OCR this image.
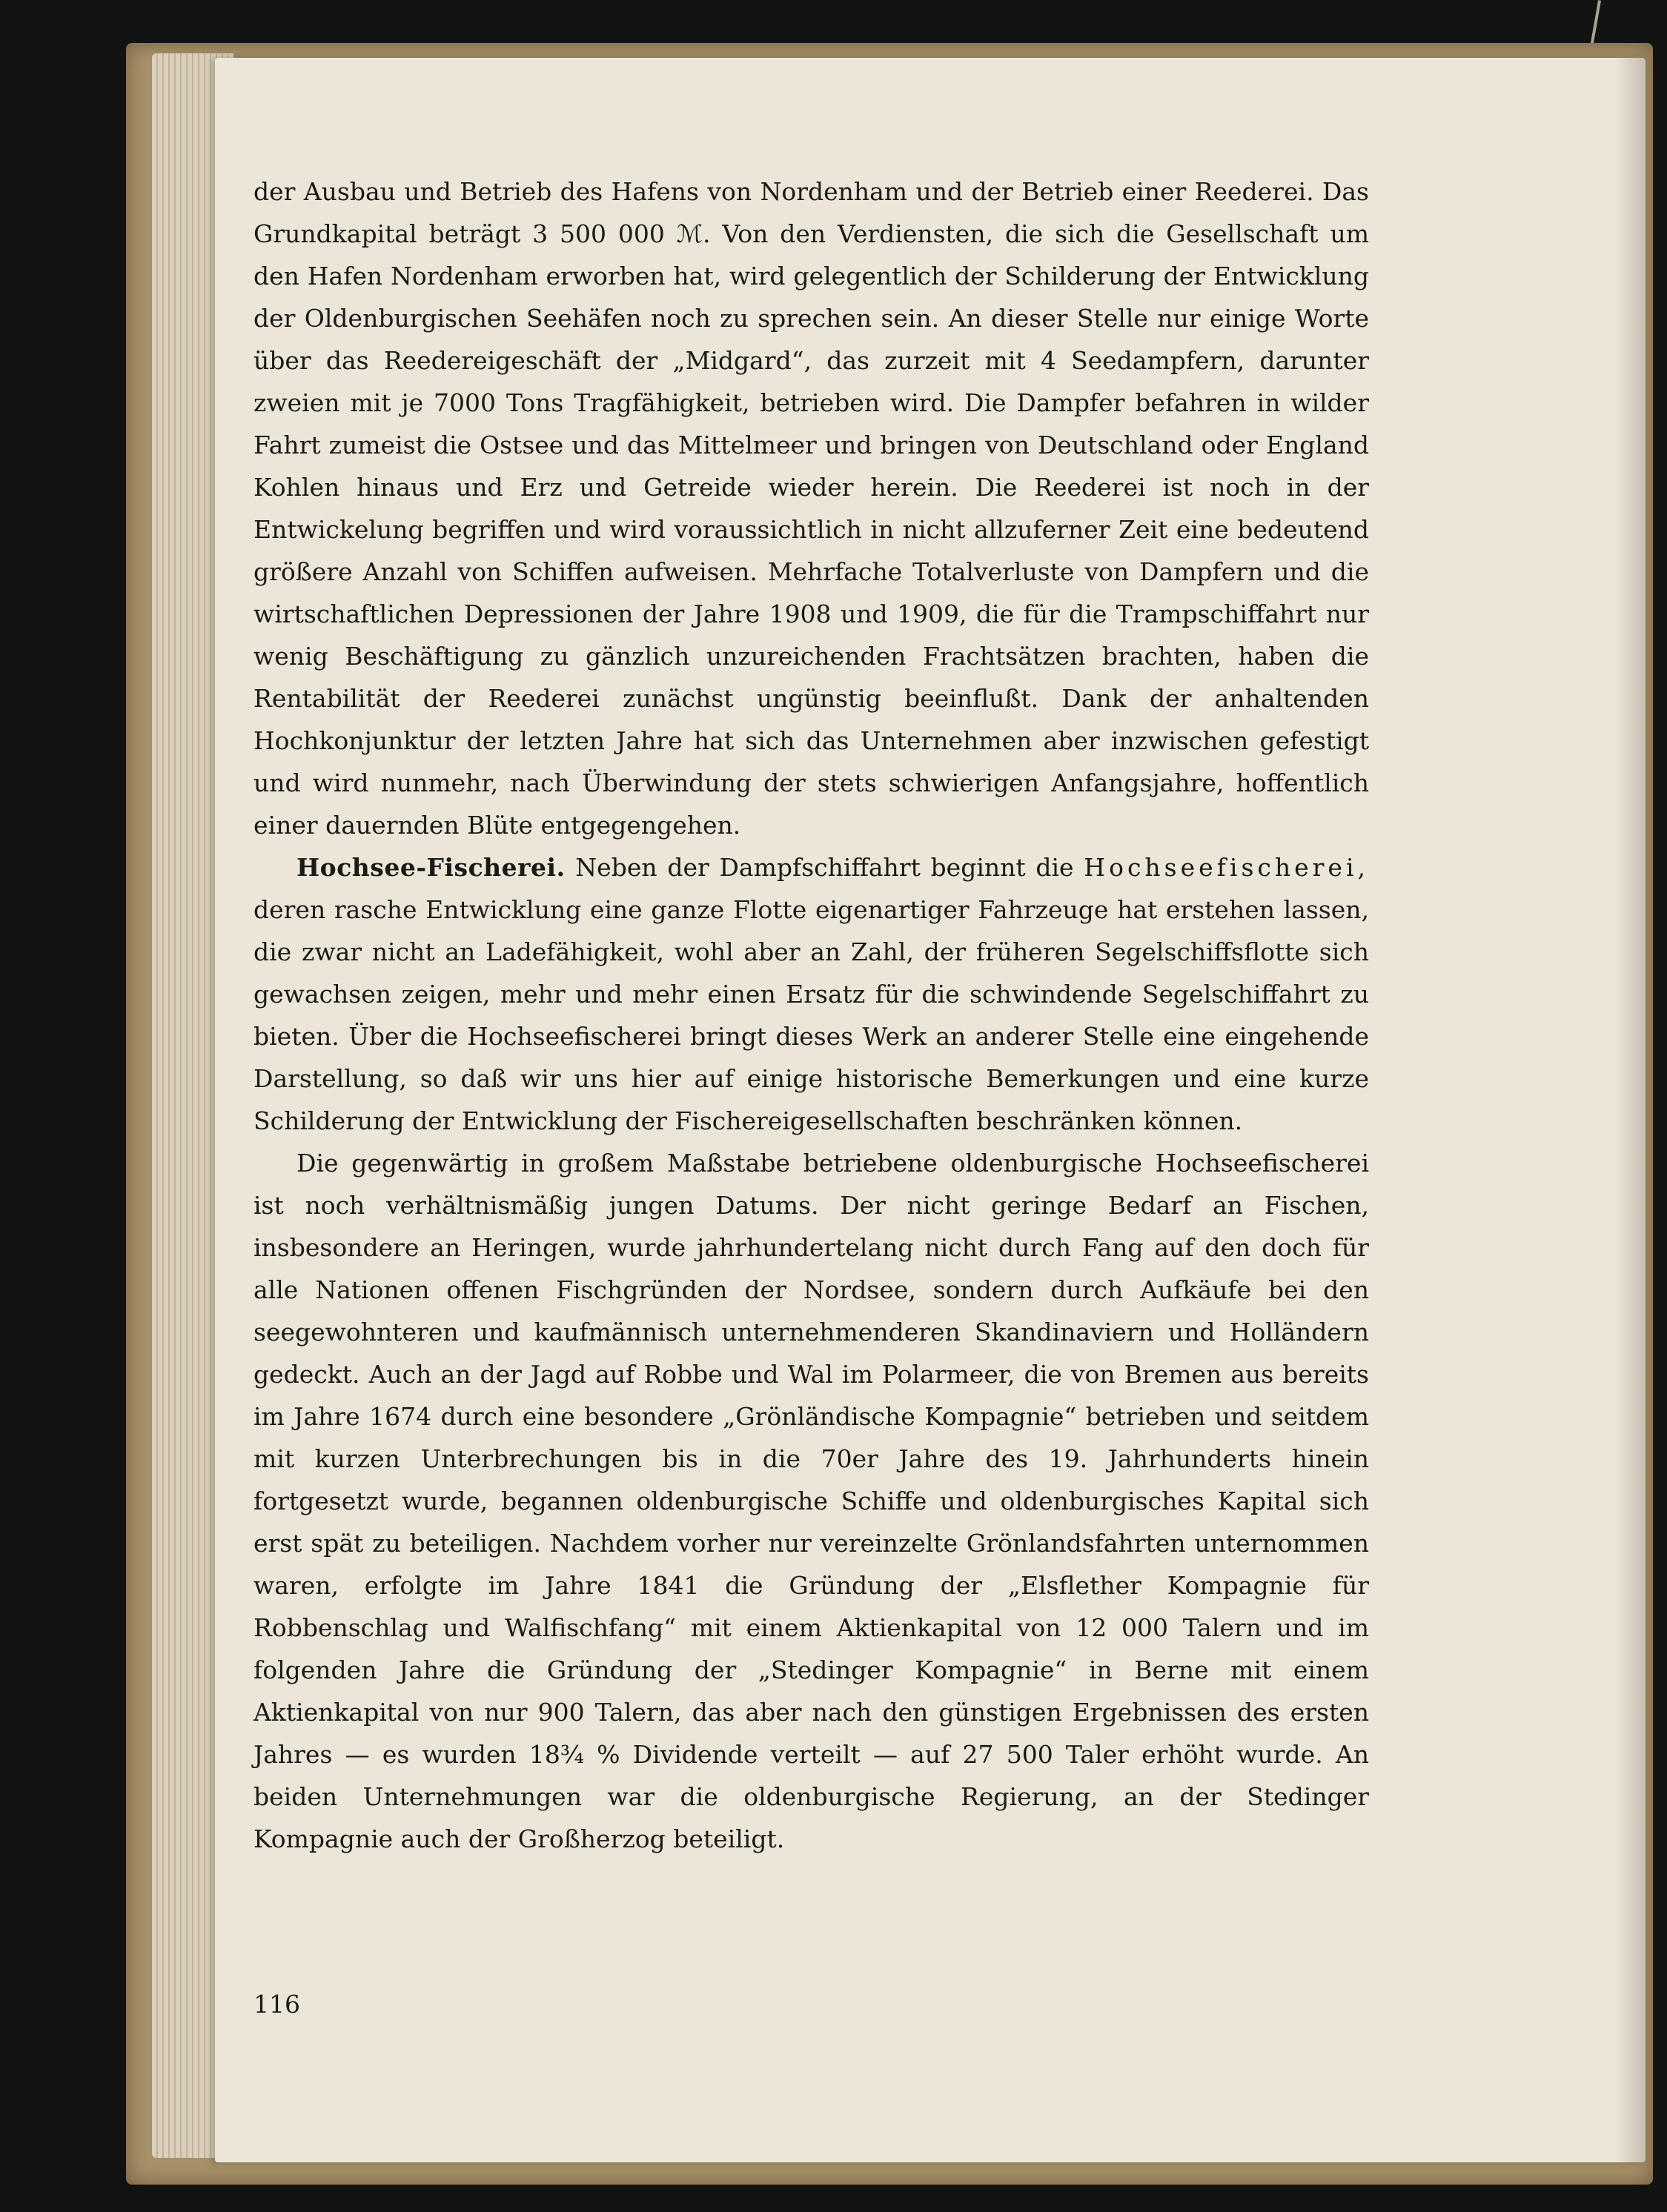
der Ausbau und Betrieb des Hafens von Nordenham und der Betrieb einer Reederei. Das Grundkapital beträgt 3 500 000 ℳ. Von den Verdiensten, die sich die Gesellschaft um den Hafen Nordenham erworben hat, wird gelegentlich der Schilderung der Entwicklung der Oldenburgischen Seehäfen noch zu sprechen sein. An dieser Stelle nur einige Worte über das Reedereigeschäft der „Midgard“, das zurzeit mit 4 Seedampfern, darunter zweien mit je 7000 Tons Tragfähigkeit, betrieben wird. Die Dampfer befahren in wilder Fahrt zumeist die Ostsee und das Mittelmeer und bringen von Deutschland oder England Kohlen hinaus und Erz und Getreide wieder herein. Die Reederei ist noch in der Entwickelung begriffen und wird voraussichtlich in nicht allzuferner Zeit eine bedeutend größere Anzahl von Schiffen aufweisen. Mehrfache Totalverluste von Dampfern und die wirtschaftlichen Depressionen der Jahre 1908 und 1909, die für die Trampschiffahrt nur wenig Beschäftigung zu gänzlich unzureichenden Frachtsätzen brachten, haben die Rentabilität der Reederei zunächst ungünstig beeinflußt. Dank der anhaltenden Hochkonjunktur der letzten Jahre hat sich das Unternehmen aber inzwischen gefestigt und wird nunmehr, nach Überwindung der stets schwierigen Anfangsjahre, hoffentlich einer dauernden Blüte entgegengehen.

Hochsee-Fischerei. Neben der Dampfschiffahrt beginnt die Hochseefischerei, deren rasche Entwicklung eine ganze Flotte eigenartiger Fahrzeuge hat erstehen lassen, die zwar nicht an Ladefähigkeit, wohl aber an Zahl, der früheren Segelschiffsflotte sich gewachsen zeigen, mehr und mehr einen Ersatz für die schwindende Segelschiffahrt zu bieten. Über die Hochseefischerei bringt dieses Werk an anderer Stelle eine eingehende Darstellung, so daß wir uns hier auf einige historische Bemerkungen und eine kurze Schilderung der Entwicklung der Fischereigesellschaften beschränken können.

Die gegenwärtig in großem Maßstabe betriebene oldenburgische Hochseefischerei ist noch verhältnismäßig jungen Datums. Der nicht geringe Bedarf an Fischen, insbesondere an Heringen, wurde jahrhundertelang nicht durch Fang auf den doch für alle Nationen offenen Fischgründen der Nordsee, sondern durch Aufkäufe bei den seegewohnteren und kaufmännisch unternehmenderen Skandinaviern und Holländern gedeckt. Auch an der Jagd auf Robbe und Wal im Polarmeer, die von Bremen aus bereits im Jahre 1674 durch eine besondere „Grönländische Kompagnie“ betrieben und seitdem mit kurzen Unterbrechungen bis in die 70er Jahre des 19. Jahrhunderts hinein fortgesetzt wurde, begannen oldenburgische Schiffe und oldenburgisches Kapital sich erst spät zu beteiligen. Nachdem vorher nur vereinzelte Grönlandsfahrten unternommen waren, erfolgte im Jahre 1841 die Gründung der „Elsflether Kompagnie für Robbenschlag und Walfischfang“ mit einem Aktienkapital von 12 000 Talern und im folgenden Jahre die Gründung der „Stedinger Kompagnie“ in Berne mit einem Aktienkapital von nur 900 Talern, das aber nach den günstigen Ergebnissen des ersten Jahres — es wurden 18¾ % Dividende verteilt — auf 27 500 Taler erhöht wurde. An beiden Unternehmungen war die oldenburgische Regierung, an der Stedinger Kompagnie auch der Großherzog beteiligt.

116
